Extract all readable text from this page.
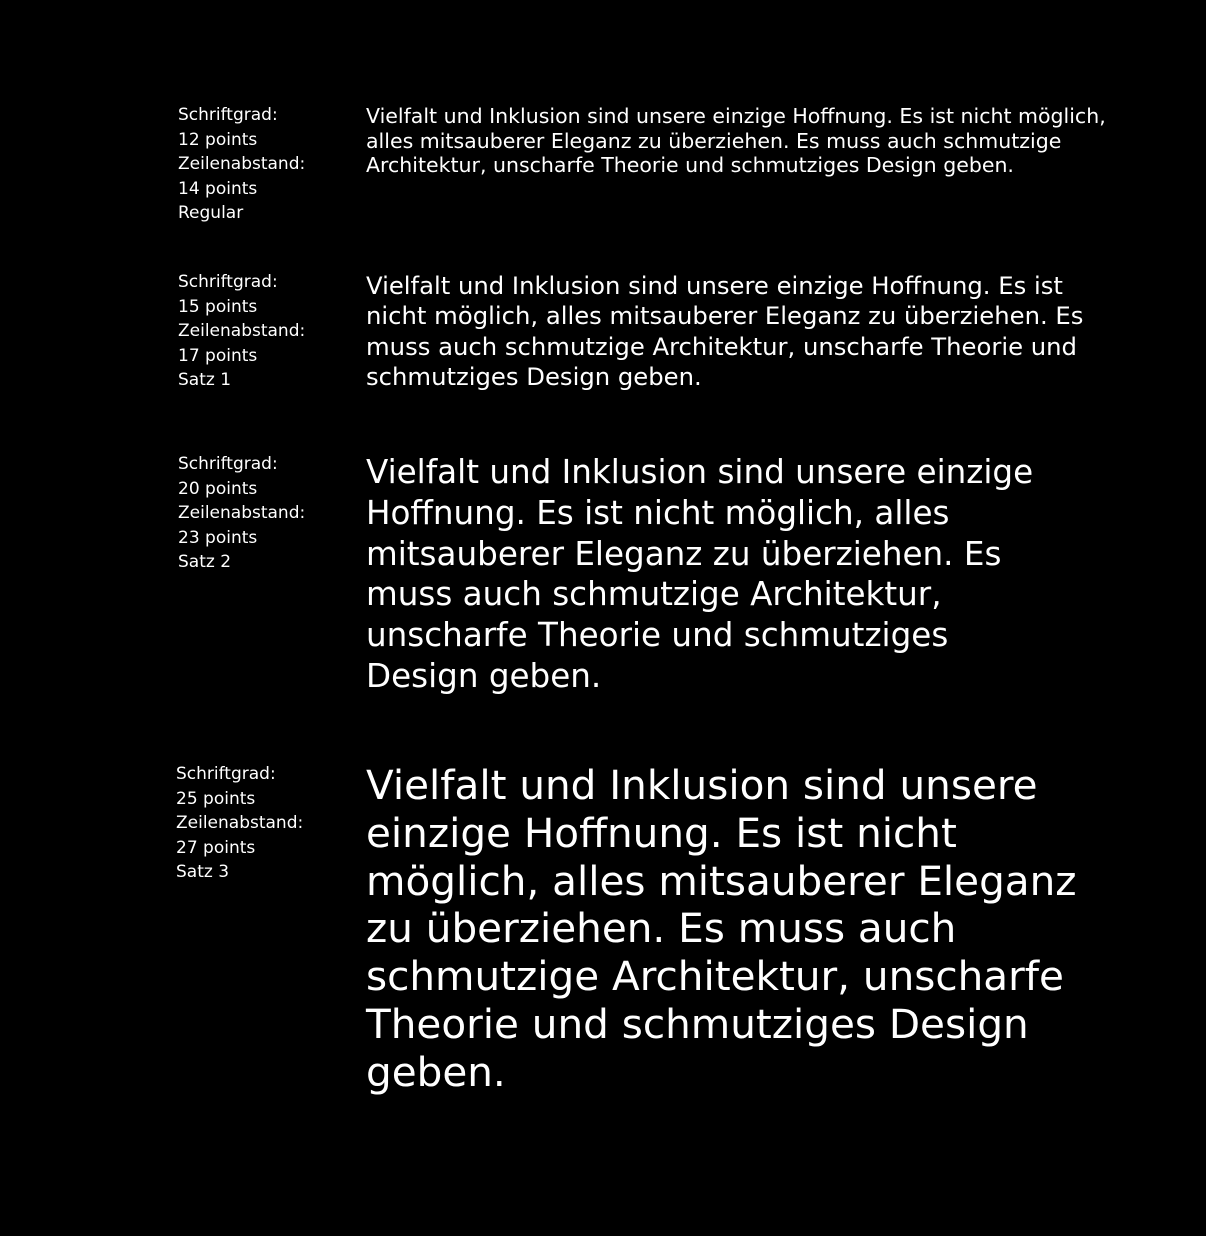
Schriftgrad:
12 points
Zeilenabstand:
14 points
Regular

Vielfalt und Inklusion sind unsere einzige Hoffnung. Es ist nicht möglich, alles mitsauberer Eleganz zu überziehen. Es muss auch schmutzige Architektur, unscharfe Theorie und schmutziges Design geben.

Schriftgrad:
15 points
Zeilenabstand:
17 points
Satz 1

Vielfalt und Inklusion sind unsere einzige Hoffnung. Es ist nicht möglich, alles mitsauberer Eleganz zu überziehen. Es muss auch schmutzige Architektur, unscharfe Theorie und schmutziges Design geben.

Schriftgrad:
20 points
Zeilenabstand:
23 points
Satz 2

Vielfalt und Inklusion sind unsere einzige Hoffnung. Es ist nicht möglich, alles mitsauberer Eleganz zu überziehen. Es muss auch schmutzige Architektur, unscharfe Theorie und schmutziges Design geben.

Schriftgrad:
25 points
Zeilenabstand:
27 points
Satz 3

Vielfalt und Inklusion sind unsere einzige Hoffnung. Es ist nicht möglich, alles mitsauberer Eleganz zu überziehen. Es muss auch schmutzige Architektur, unscharfe Theorie und schmutziges Design geben.
